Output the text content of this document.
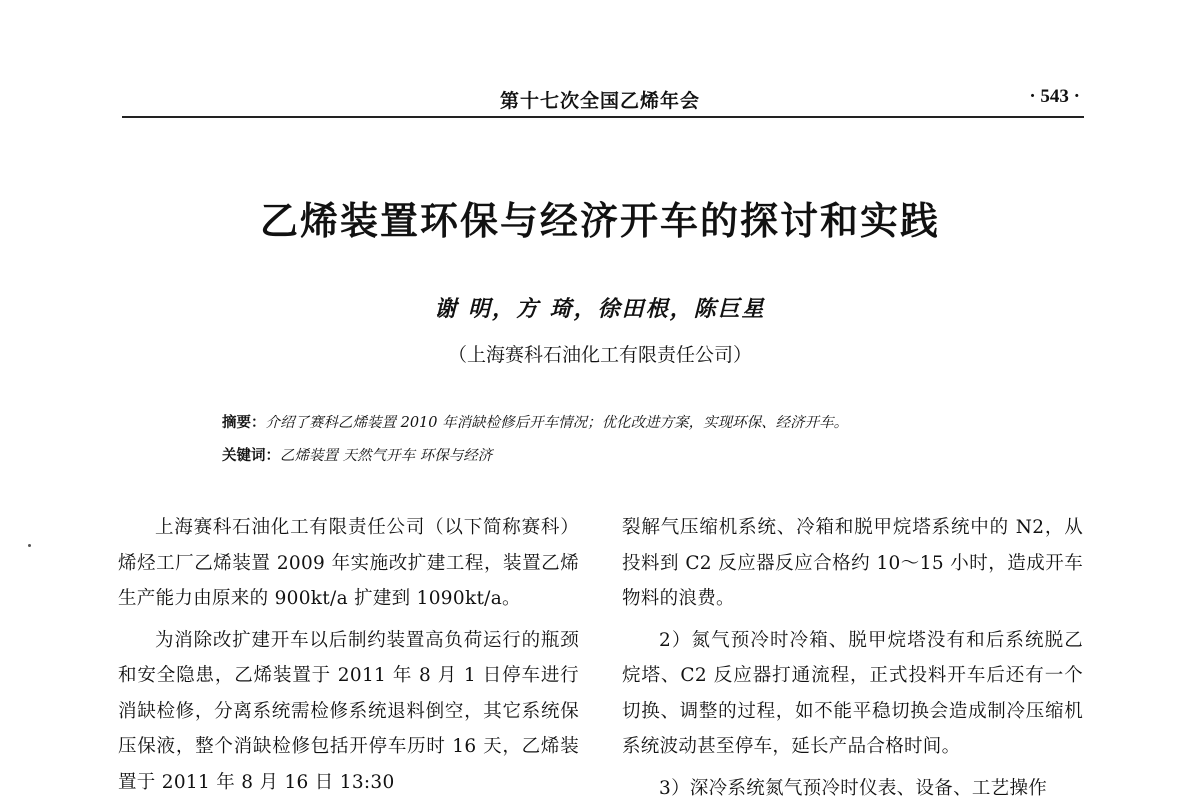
第十七次全国乙烯年会	· 543 ·
乙烯装置环保与经济开车的探讨和实践
谢 明，方 琦，徐田根，陈巨星
（上海赛科石油化工有限责任公司）
摘要：介绍了赛科乙烯装置 2010 年消缺检修后开车情况；优化改进方案，实现环保、经济开车。
关键词：乙烯装置 天然气开车 环保与经济

上海赛科石油化工有限责任公司（以下简称赛科）烯烃工厂乙烯装置 2009 年实施改扩建工程，装置乙烯生产能力由原来的 900kt/a 扩建到 1090kt/a。

为消除改扩建开车以后制约装置高负荷运行的瓶颈和安全隐患，乙烯装置于 2011 年 8 月 1 日停车进行消缺检修，分离系统需检修系统退料倒空，其它系统保压保液，整个消缺检修包括开停车历时 16 天，乙烯装置于 2011 年 8 月 16 日 13:30

裂解气压缩机系统、冷箱和脱甲烷塔系统中的 N2，从投料到 C2 反应器反应合格约 10～15 小时，造成开车物料的浪费。

2）氮气预冷时冷箱、脱甲烷塔没有和后系统脱乙烷塔、C2 反应器打通流程，正式投料开车后还有一个切换、调整的过程，如不能平稳切换会造成制冷压缩机系统波动甚至停车，延长产品合格时间。

3）深冷系统氮气预冷时仪表、设备、工艺操作
